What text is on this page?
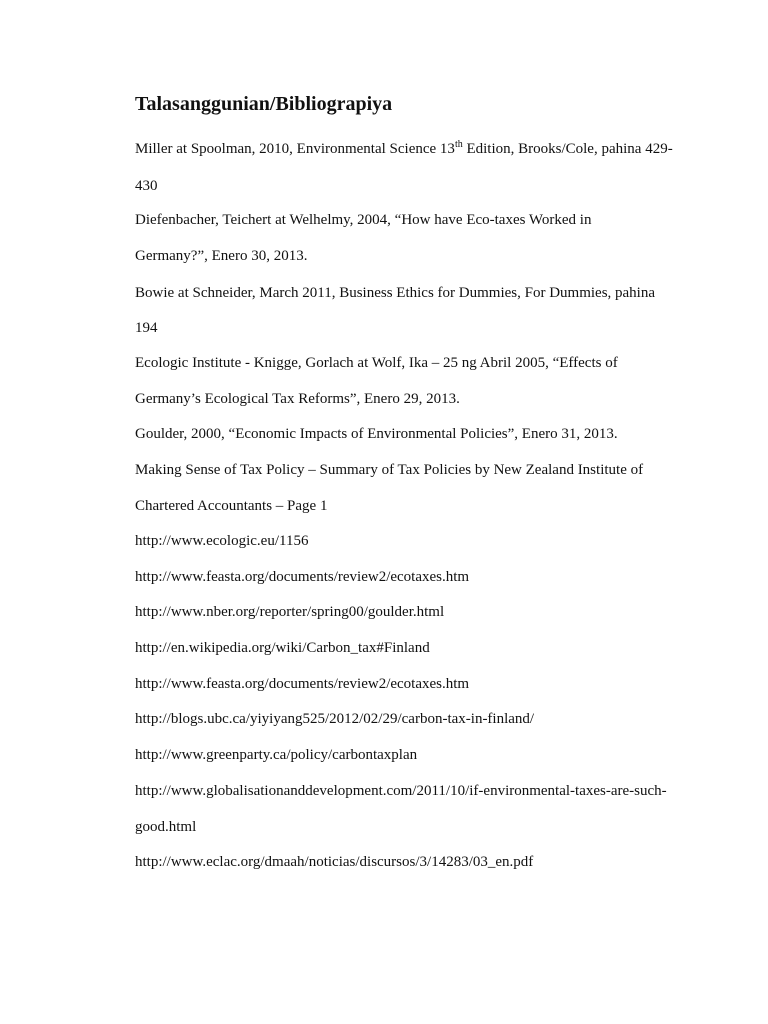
Talasanggunian/Bibliograpiya
Miller at Spoolman, 2010, Environmental Science 13th Edition, Brooks/Cole, pahina 429-
430
Diefenbacher, Teichert at Welhelmy, 2004, “How have Eco-taxes Worked in
Germany?”, Enero 30, 2013.
Bowie at Schneider, March 2011, Business Ethics for Dummies, For Dummies, pahina
194
Ecologic Institute - Knigge, Gorlach at Wolf, Ika – 25 ng Abril 2005, “Effects of
Germany’s Ecological Tax Reforms”, Enero 29, 2013.
Goulder, 2000, “Economic Impacts of Environmental Policies”, Enero 31, 2013.
Making Sense of Tax Policy – Summary of Tax Policies by New Zealand Institute of
Chartered Accountants – Page 1
http://www.ecologic.eu/1156
http://www.feasta.org/documents/review2/ecotaxes.htm
http://www.nber.org/reporter/spring00/goulder.html
http://en.wikipedia.org/wiki/Carbon_tax#Finland
http://www.feasta.org/documents/review2/ecotaxes.htm
http://blogs.ubc.ca/yiyiyang525/2012/02/29/carbon-tax-in-finland/
http://www.greenparty.ca/policy/carbontaxplan
http://www.globalisationanddevelopment.com/2011/10/if-environmental-taxes-are-such-
good.html
http://www.eclac.org/dmaah/noticias/discursos/3/14283/03_en.pdf
